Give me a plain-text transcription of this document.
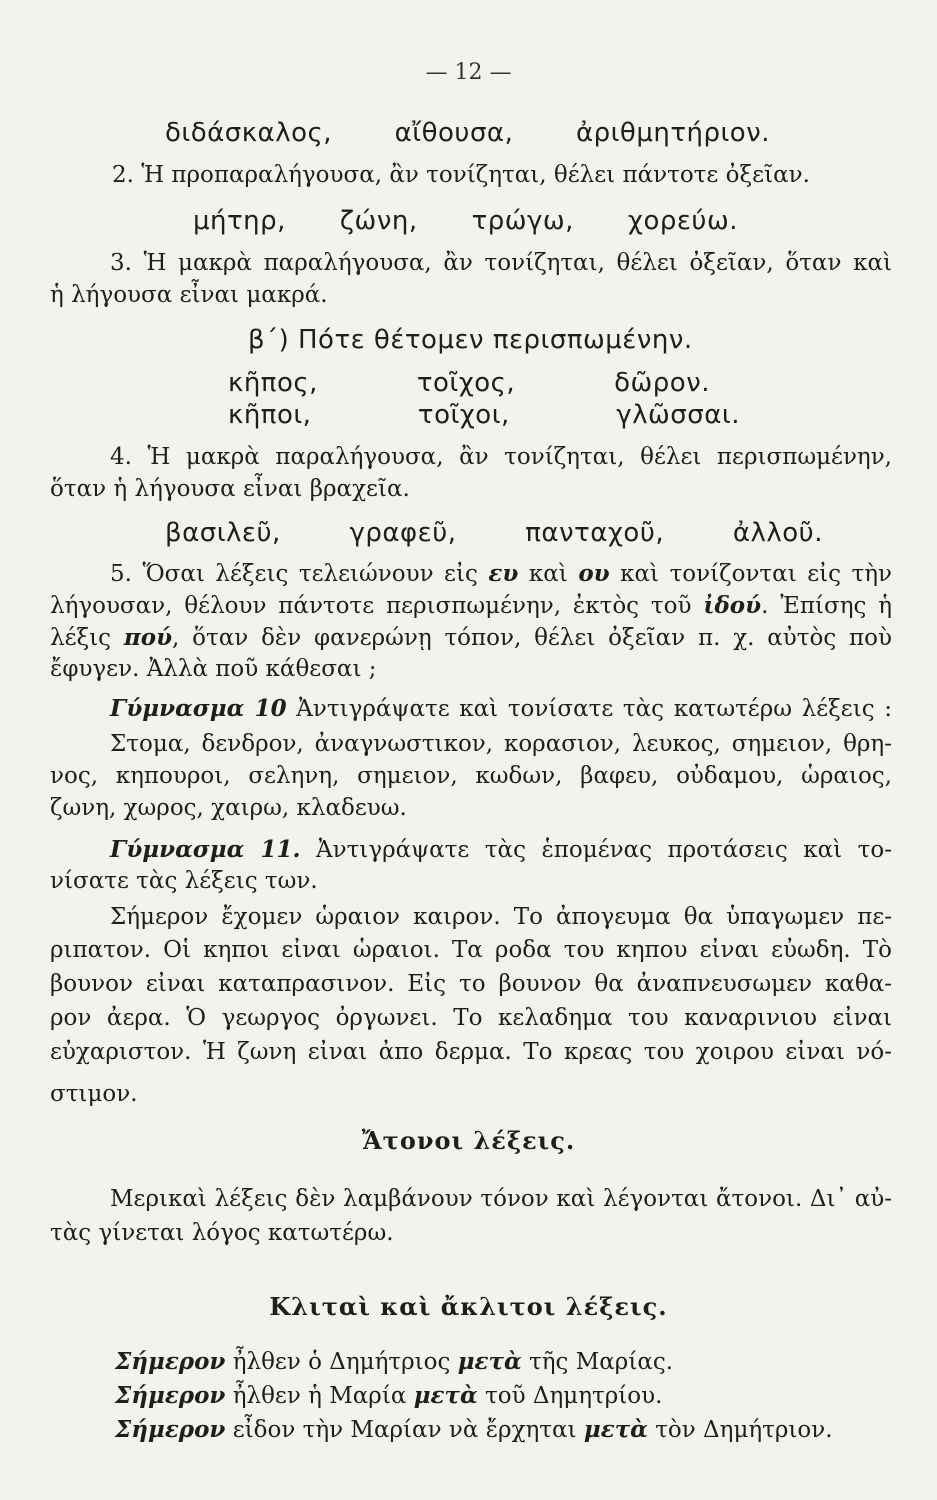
— 12 —
διδάσκαλος, αἴθουσα, ἀριθμητήριον.
2. Ἡ προπαραλήγουσα, ἂν τονίζηται, θέλει πάντοτε ὀξεῖαν.
μήτηρ, ζώνη, τρώγω, χορεύω.
3. Ἡ μακρὰ παραλήγουσα, ἂν τονίζηται, θέλει ὀξεῖαν, ὅταν καὶ
ἡ λήγουσα εἶναι μακρά.
β΄) Πότε θέτομεν περισπωμένην.
κῆπος,	τοῖχος,	δῶρον.
κῆποι,	τοῖχοι,	γλῶσσαι.
4. Ἡ μακρὰ παραλήγουσα, ἂν τονίζηται, θέλει περισπωμένην,
ὅταν ἡ λήγουσα εἶναι βραχεῖα.
βασιλεῦ,	γραφεῦ,	πανταχοῦ,	ἀλλοῦ.
5. Ὅσαι λέξεις τελειώνουν εἰς ευ καὶ ου καὶ τονίζονται εἰς τὴν
λήγουσαν, θέλουν πάντοτε περισπωμένην, ἐκτὸς τοῦ ἰδού. Ἐπίσης ἡ
λέξις πού, ὅταν δὲν φανερώνῃ τόπον, θέλει ὀξεῖαν π. χ. αὐτὸς ποὺ
ἔφυγεν. Ἀλλὰ ποῦ κάθεσαι ;
Γύμνασμα 10 Ἀντιγράψατε καὶ τονίσατε τὰς κατωτέρω λέξεις :
Στομα, δενδρον, ἀναγνωστικον, κορασιον, λευκος, σημειον, θρη-
νος, κηπουροι, σεληνη, σημειον, κωδων, βαφευ, οὐδαμου, ὡραιος,
ζωνη, χωρος, χαιρω, κλαδευω.
Γύμνασμα 11. Ἀντιγράψατε τὰς ἑπομένας προτάσεις καὶ το-
νίσατε τὰς λέξεις των.
Σήμερον ἔχομεν ὡραιον καιρον. Το ἀπογευμα θα ὑπαγωμεν πε-
ριπατον. Οἱ κηποι εἰναι ὡραιοι. Τα ροδα του κηπου εἰναι εὐωδη. Τὸ
βουνον εἰναι καταπρασινον. Εἰς το βουνον θα ἀναπνευσωμεν καθα-
ρον ἀερα. Ὁ γεωργος ὀργωνει. Το κελαδημα του καναρινιου εἰναι
εὐχαριστον. Ἡ ζωνη εἰναι ἀπο δερμα. Το κρεας του χοιρου εἰναι νό-
στιμον.
Ἄτονοι λέξεις.
Μερικαὶ λέξεις δὲν λαμβάνουν τόνον καὶ λέγονται ἄτονοι. Δι᾿ αὐ-
τὰς γίνεται λόγος κατωτέρω.
Κλιταὶ καὶ ἄκλιτοι λέξεις.
Σήμερον ἦλθεν ὁ Δημήτριος μετὰ τῆς Μαρίας.
Σήμερον ἦλθεν ἡ Μαρία μετὰ τοῦ Δημητρίου.
Σήμερον εἶδον τὴν Μαρίαν νὰ ἔρχηται μετὰ τὸν Δημήτριον.
